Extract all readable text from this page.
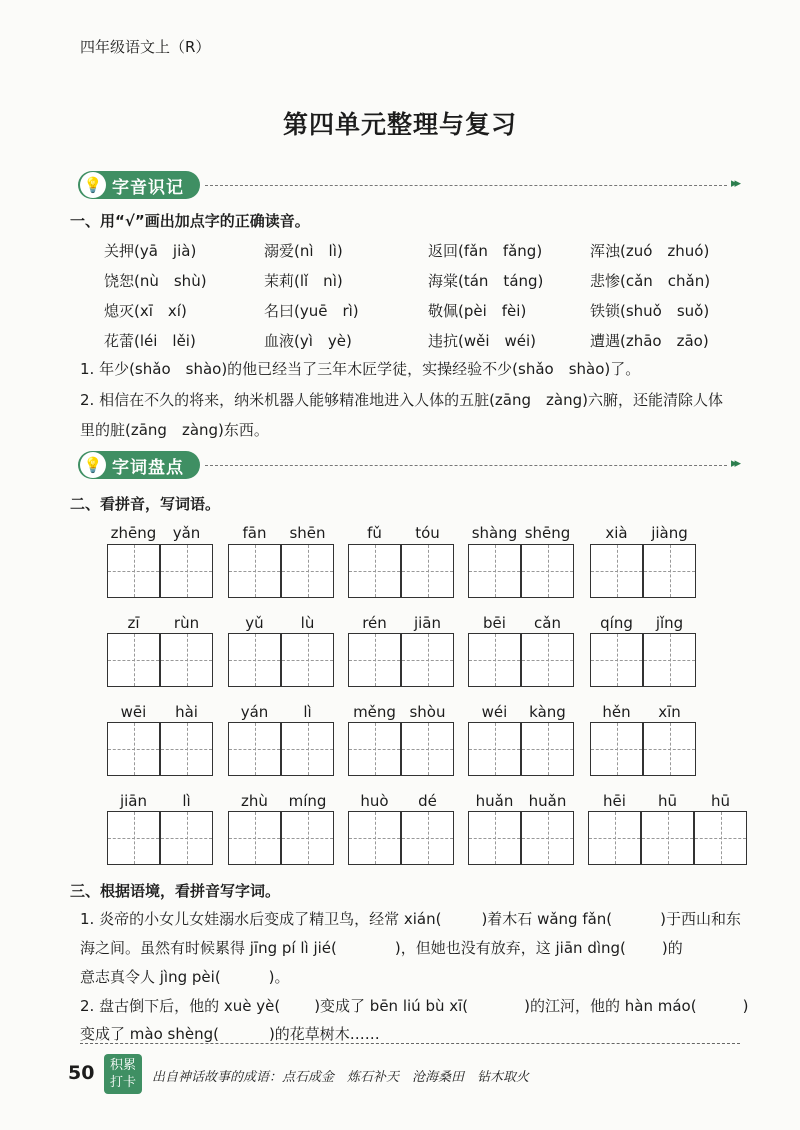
四年级语文上（R）
第四单元整理与复习
💡 字音识记	▸▸
一、用“√”画出加点字的正确读音。
关押(yā　jià)	溺爱(nì　lì)	返回(fǎn　fǎng)	浑浊(zuó　zhuó)
饶恕(nù　shù)	茉莉(lǐ　nì)	海棠(tán　táng)	悲惨(cǎn　chǎn)
熄灭(xī　xí)	名曰(yuē　rì)	敬佩(pèi　fèi)	铁锁(shuǒ　suǒ)
花蕾(léi　lěi)	血液(yì　yè)	违抗(wěi　wéi)	遭遇(zhāo　zāo)
1. 年少(shǎo　shào)的他已经当了三年木匠学徒，实操经验不少(shǎo　shào)了。
2. 相信在不久的将来，纳米机器人能够精准地进入人体的五脏(zāng　zàng)六腑，还能清除人体
里的脏(zāng　zàng)东西。
💡 字词盘点	▸▸
二、看拼音，写词语。
zhēng	yǎn	fān	shēn	fǔ	tóu	shàng shēng	xià	jiàng
zī	rùn	yǔ	lù	rén	jiān	bēi	cǎn	qíng	jǐng
wēi	hài	yán	lì	měng shòu	wéi	kàng	hěn	xīn
jiān	lì	zhù	míng	huò	dé	huǎn	huǎn	hēi	hū	hū
三、根据语境，看拼音写字词。
1. 炎帝的小女儿女娃溺水后变成了精卫鸟，经常 xián(	)着木石 wǎng fǎn(	)于西山和东
海之间。虽然有时候累得 jīng pí lì jié(	)，但她也没有放弃，这 jiān dìng( )的
意志真令人 jìng pèi(	)。
2. 盘古倒下后，他的 xuè yè( )变成了 bēn liú bù xī(	)的江河，他的 hàn máo(	)
变成了 mào shèng(	)的花草树木……
50	积累
打卡	出自神话故事的成语：点石成金　炼石补天　沧海桑田　钻木取火
